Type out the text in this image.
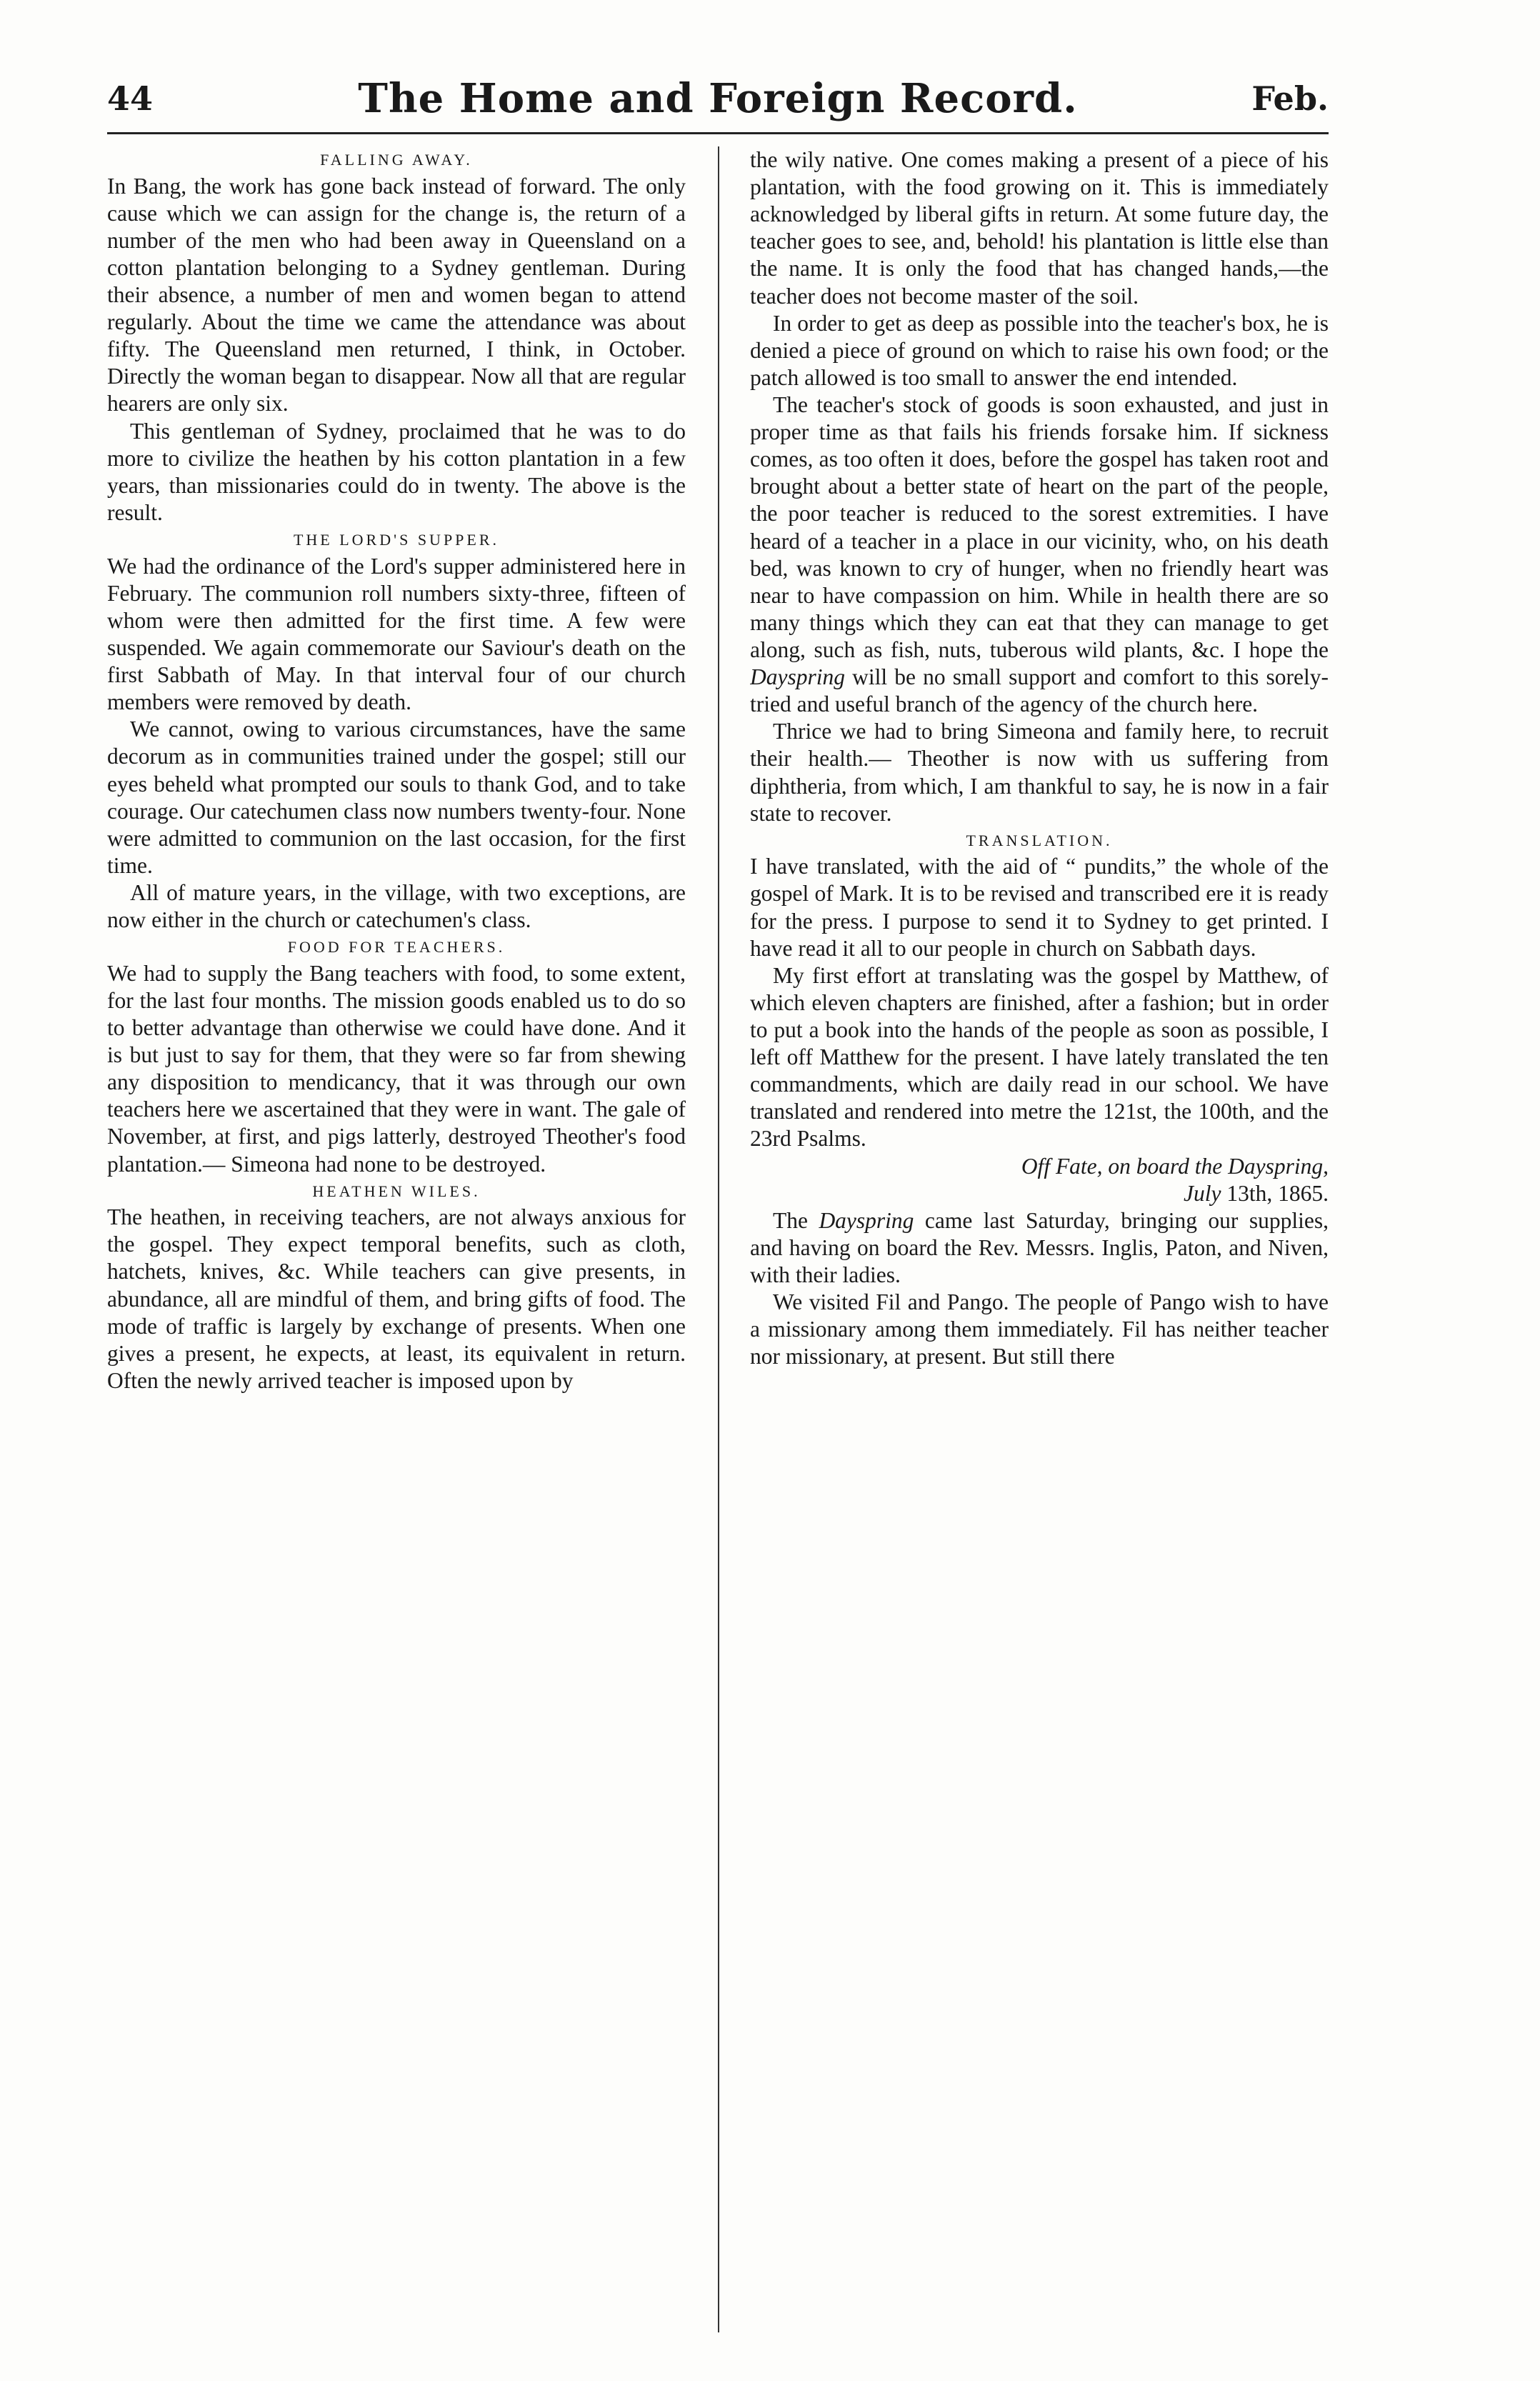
44	The Home and Foreign Record.	Feb.
FALLING AWAY.

In Bang, the work has gone back instead of forward. The only cause which we can assign for the change is, the return of a number of the men who had been away in Queensland on a cotton plantation belonging to a Sydney gentleman. During their absence, a number of men and women began to attend regularly. About the time we came the attendance was about fifty. The Queensland men returned, I think, in October. Directly the woman began to disappear. Now all that are regular hearers are only six.

This gentleman of Sydney, proclaimed that he was to do more to civilize the heathen by his cotton plantation in a few years, than missionaries could do in twenty. The above is the result.

THE LORD'S SUPPER.

We had the ordinance of the Lord's supper administered here in February. The communion roll numbers sixty-three, fifteen of whom were then admitted for the first time. A few were suspended. We again commemorate our Saviour's death on the first Sabbath of May. In that interval four of our church members were removed by death.

We cannot, owing to various circumstances, have the same decorum as in communities trained under the gospel; still our eyes beheld what prompted our souls to thank God, and to take courage. Our catechumen class now numbers twenty-four. None were admitted to communion on the last occasion, for the first time.

All of mature years, in the village, with two exceptions, are now either in the church or catechumen's class.

FOOD FOR TEACHERS.

We had to supply the Bang teachers with food, to some extent, for the last four months. The mission goods enabled us to do so to better advantage than otherwise we could have done. And it is but just to say for them, that they were so far from shewing any disposition to mendicancy, that it was through our own teachers here we ascertained that they were in want. The gale of November, at first, and pigs latterly, destroyed Theother's food plantation.— Simeona had none to be destroyed.

HEATHEN WILES.

The heathen, in receiving teachers, are not always anxious for the gospel. They expect temporal benefits, such as cloth, hatchets, knives, &c. While teachers can give presents, in abundance, all are mindful of them, and bring gifts of food. The mode of traffic is largely by exchange of presents. When one gives a present, he expects, at least, its equivalent in return. Often the newly arrived teacher is imposed upon by

the wily native. One comes making a present of a piece of his plantation, with the food growing on it. This is immediately acknowledged by liberal gifts in return. At some future day, the teacher goes to see, and, behold! his plantation is little else than the name. It is only the food that has changed hands,—the teacher does not become master of the soil.

In order to get as deep as possible into the teacher's box, he is denied a piece of ground on which to raise his own food; or the patch allowed is too small to answer the end intended.

The teacher's stock of goods is soon exhausted, and just in proper time as that fails his friends forsake him. If sickness comes, as too often it does, before the gospel has taken root and brought about a better state of heart on the part of the people, the poor teacher is reduced to the sorest extremities. I have heard of a teacher in a place in our vicinity, who, on his death bed, was known to cry of hunger, when no friendly heart was near to have compassion on him. While in health there are so many things which they can eat that they can manage to get along, such as fish, nuts, tuberous wild plants, &c. I hope the Dayspring will be no small support and comfort to this sorely-tried and useful branch of the agency of the church here.

Thrice we had to bring Simeona and family here, to recruit their health.— Theother is now with us suffering from diphtheria, from which, I am thankful to say, he is now in a fair state to recover.

TRANSLATION.

I have translated, with the aid of “ pundits,” the whole of the gospel of Mark. It is to be revised and transcribed ere it is ready for the press. I purpose to send it to Sydney to get printed. I have read it all to our people in church on Sabbath days.

My first effort at translating was the gospel by Matthew, of which eleven chapters are finished, after a fashion; but in order to put a book into the hands of the people as soon as possible, I left off Matthew for the present. I have lately translated the ten commandments, which are daily read in our school. We have translated and rendered into metre the 121st, the 100th, and the 23rd Psalms.

Off Fate, on board the Dayspring,
July 13th, 1865.

The Dayspring came last Saturday, bringing our supplies, and having on board the Rev. Messrs. Inglis, Paton, and Niven, with their ladies.

We visited Fil and Pango. The people of Pango wish to have a missionary among them immediately. Fil has neither teacher nor missionary, at present. But still there
